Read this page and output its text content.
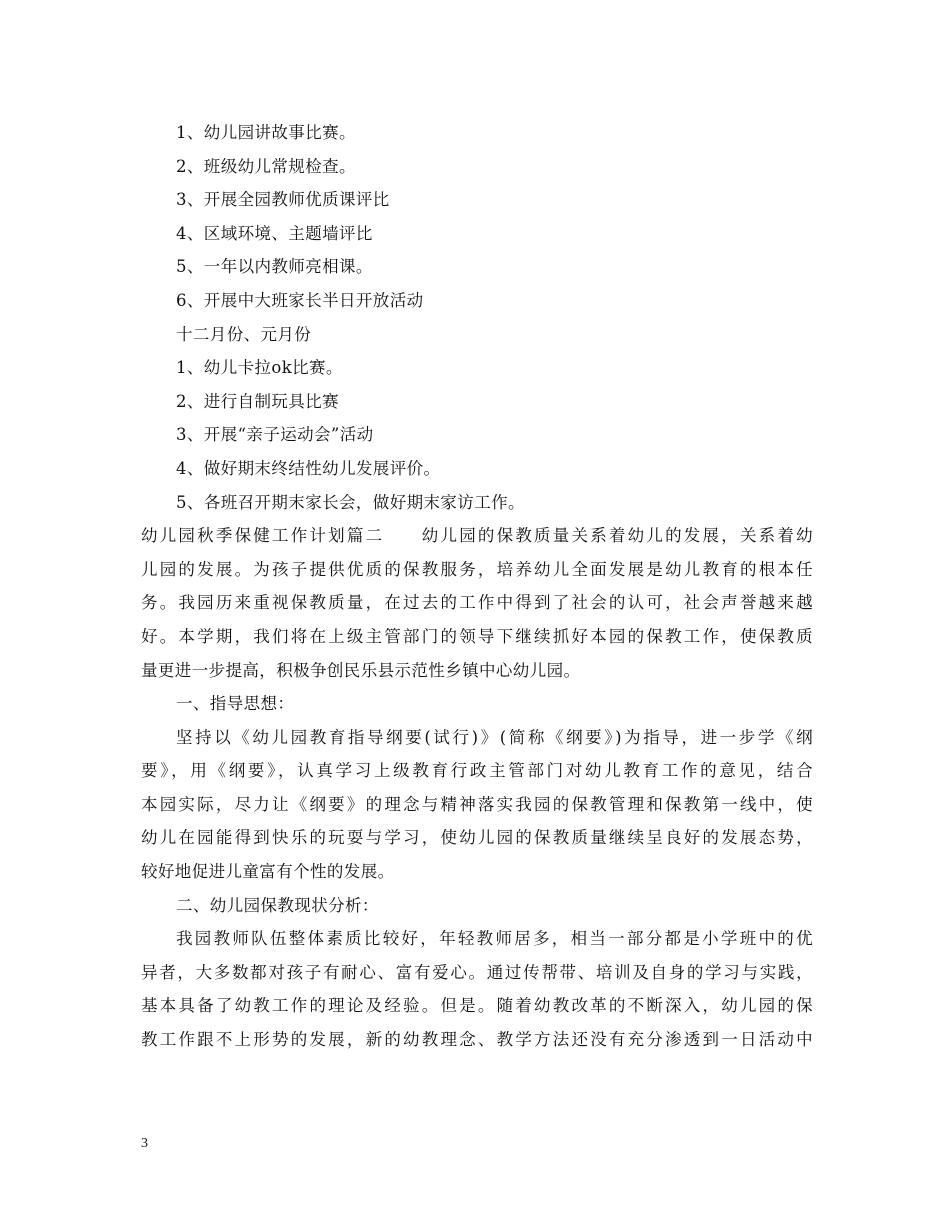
1、幼儿园讲故事比赛。
2、班级幼儿常规检查。
3、开展全园教师优质课评比
4、区域环境、主题墙评比
5、一年以内教师亮相课。
6、开展中大班家长半日开放活动
十二月份、元月份
1、幼儿卡拉ok比赛。
2、进行自制玩具比赛
3、开展“亲子运动会”活动
4、做好期末终结性幼儿发展评价。
5、各班召开期末家长会，做好期末家访工作。
幼儿园秋季保健工作计划篇二　　幼儿园的保教质量关系着幼儿的发展，关系着幼
儿园的发展。为孩子提供优质的保教服务，培养幼儿全面发展是幼儿教育的根本任
务。我园历来重视保教质量，在过去的工作中得到了社会的认可，社会声誉越来越
好。本学期，我们将在上级主管部门的领导下继续抓好本园的保教工作，使保教质
量更进一步提高，积极争创民乐县示范性乡镇中心幼儿园。
一、指导思想：
坚持以《幼儿园教育指导纲要(试行)》(简称《纲要》)为指导，进一步学《纲
要》，用《纲要》，认真学习上级教育行政主管部门对幼儿教育工作的意见，结合
本园实际，尽力让《纲要》的理念与精神落实我园的保教管理和保教第一线中，使
幼儿在园能得到快乐的玩耍与学习，使幼儿园的保教质量继续呈良好的发展态势，
较好地促进儿童富有个性的发展。
二、幼儿园保教现状分析：
我园教师队伍整体素质比较好，年轻教师居多，相当一部分都是小学班中的优
异者，大多数都对孩子有耐心、富有爱心。通过传帮带、培训及自身的学习与实践，
基本具备了幼教工作的理论及经验。但是。随着幼教改革的不断深入，幼儿园的保
教工作跟不上形势的发展，新的幼教理念、教学方法还没有充分渗透到一日活动中
3
